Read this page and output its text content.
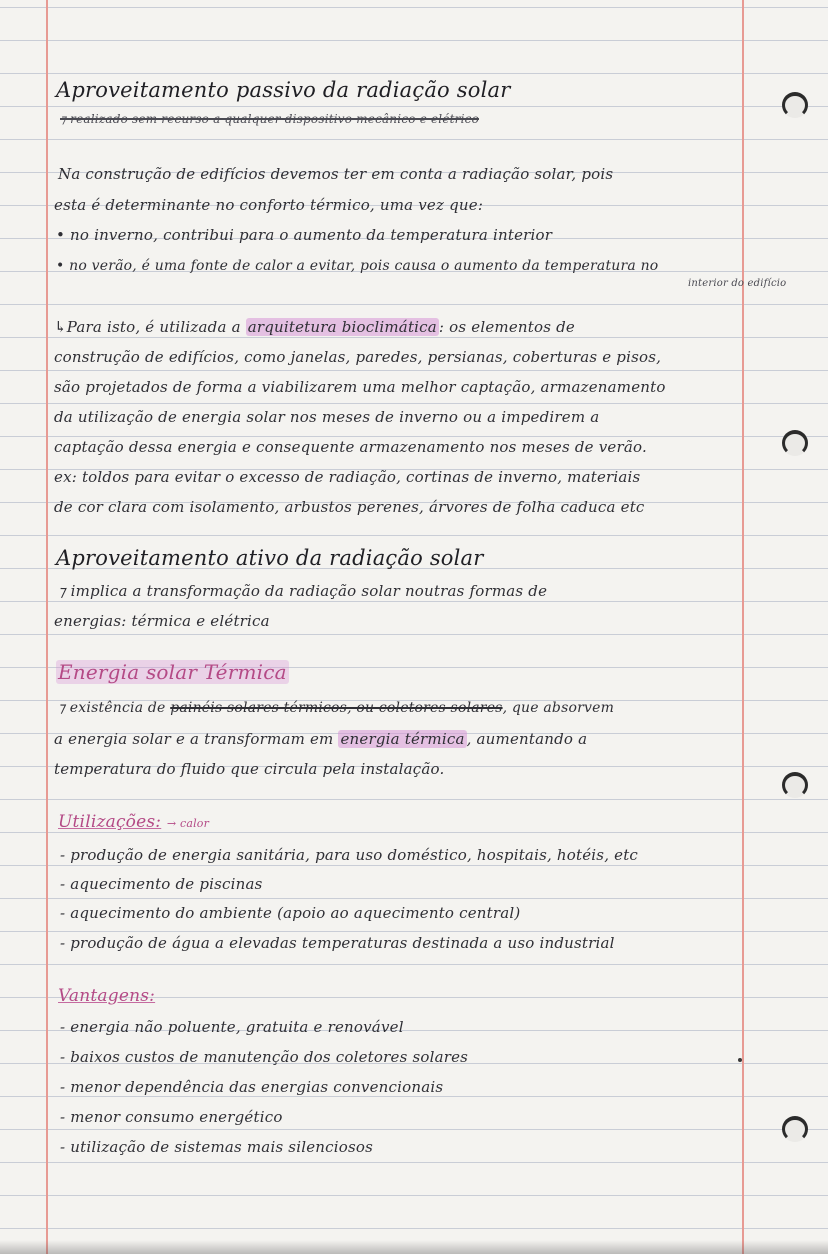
Aproveitamento passivo da radiação solar
⁊ realizado sem recurso a qualquer dispositivo mecânico e elétrico
Na construção de edifícios devemos ter em conta a radiação solar, pois
esta é determinante no conforto térmico, uma vez que:
• no inverno, contribui para o aumento da temperatura interior
• no verão, é uma fonte de calor a evitar, pois causa o aumento da temperatura no
interior do edifício
↳Para isto, é utilizada a arquitetura bioclimática : os elementos de
construção de edifícios, como janelas, paredes, persianas, coberturas e pisos,
são projetados de forma a viabilizarem uma melhor captação, armazenamento
da utilização de energia solar nos meses de inverno ou a impedirem a
captação dessa energia e consequente armazenamento nos meses de verão.
ex: toldos para evitar o excesso de radiação, cortinas de inverno, materiais
de cor clara com isolamento, arbustos perenes, árvores de folha caduca etc
Aproveitamento ativo da radiação solar
⁊ implica a transformação da radiação solar noutras formas de
energias: térmica e elétrica
Energia solar Térmica
⁊ existência de painéis solares térmicos, ou coletores solares, que absorvem
a energia solar e a transformam em energia térmica , aumentando a
temperatura do fluido que circula pela instalação.
Utilizações: → calor
- produção de energia sanitária, para uso doméstico, hospitais, hotéis, etc
- aquecimento de piscinas
- aquecimento do ambiente (apoio ao aquecimento central)
- produção de água a elevadas temperaturas destinada a uso industrial
Vantagens:
- energia não poluente, gratuita e renovável
- baixos custos de manutenção dos coletores solares
- menor dependência das energias convencionais
- menor consumo energético
- utilização de sistemas mais silenciosos
